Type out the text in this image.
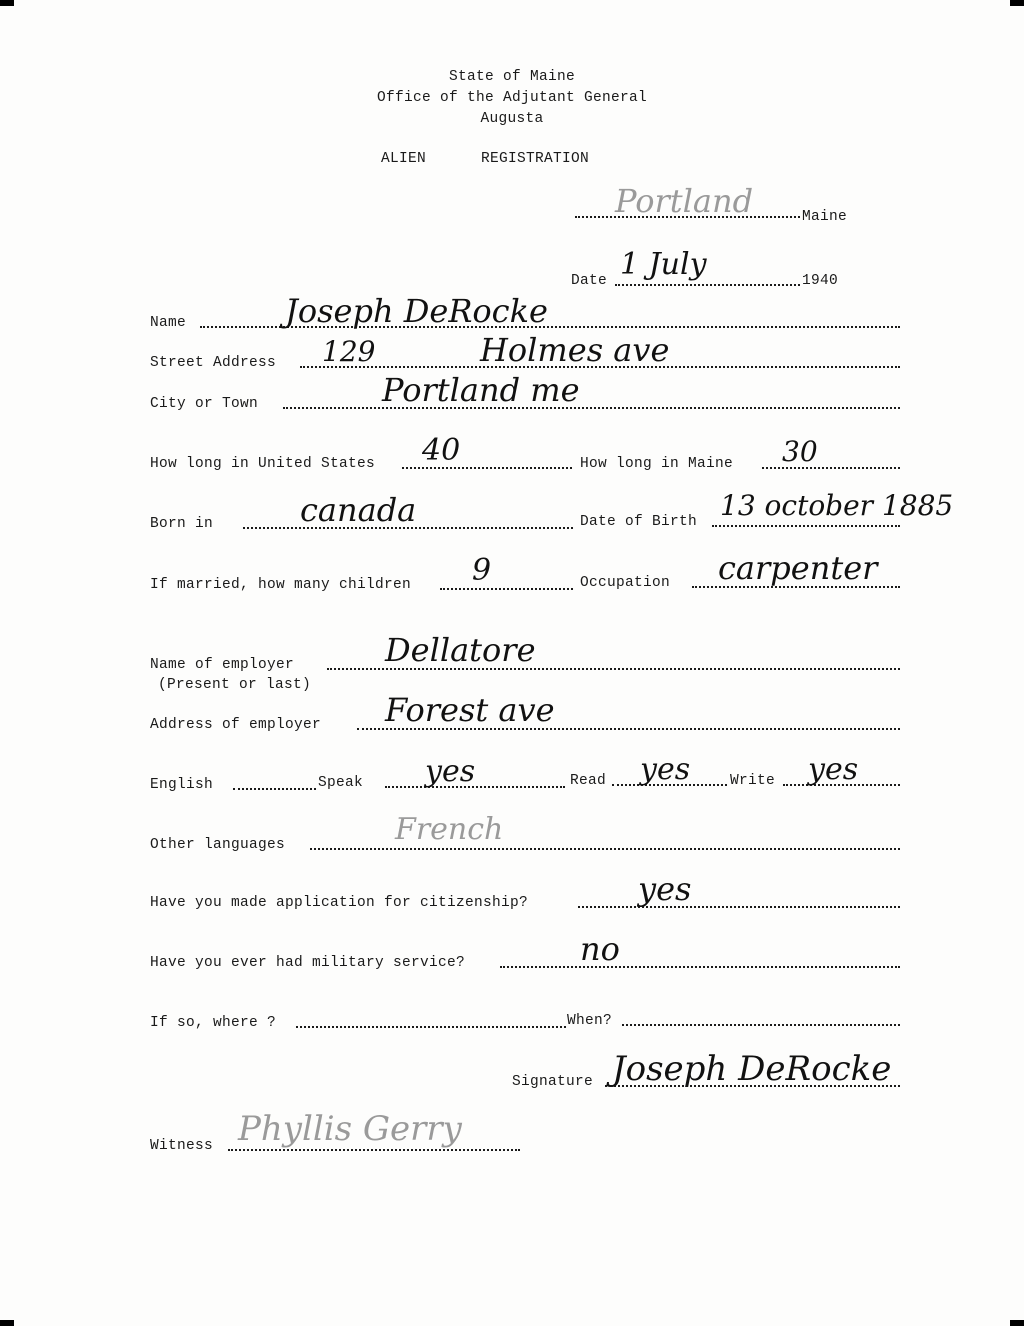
State of Maine
Office of the Adjutant General
Augusta
ALIEN	REGISTRATION
Portland	Maine
Date 1 July	1940
Name	Joseph DeRocke
Street Address 129	Holmes ave
City or Town	Portland me
How long in United States 40	How long in Maine 30
Born in	canada	Date of Birth 13 october 1885
If married, how many children 9	Occupation carpenter
Name of employer
(Present or last)
Dellatore
Address of employer Forest ave
English	Speak yes	Read yes	Write yes
Other languages	French
Have you made application for citizenship?	yes
Have you ever had military service?	no
If so, where ?	When?
Signature Joseph DeRocke
Witness Phyllis Gerry
